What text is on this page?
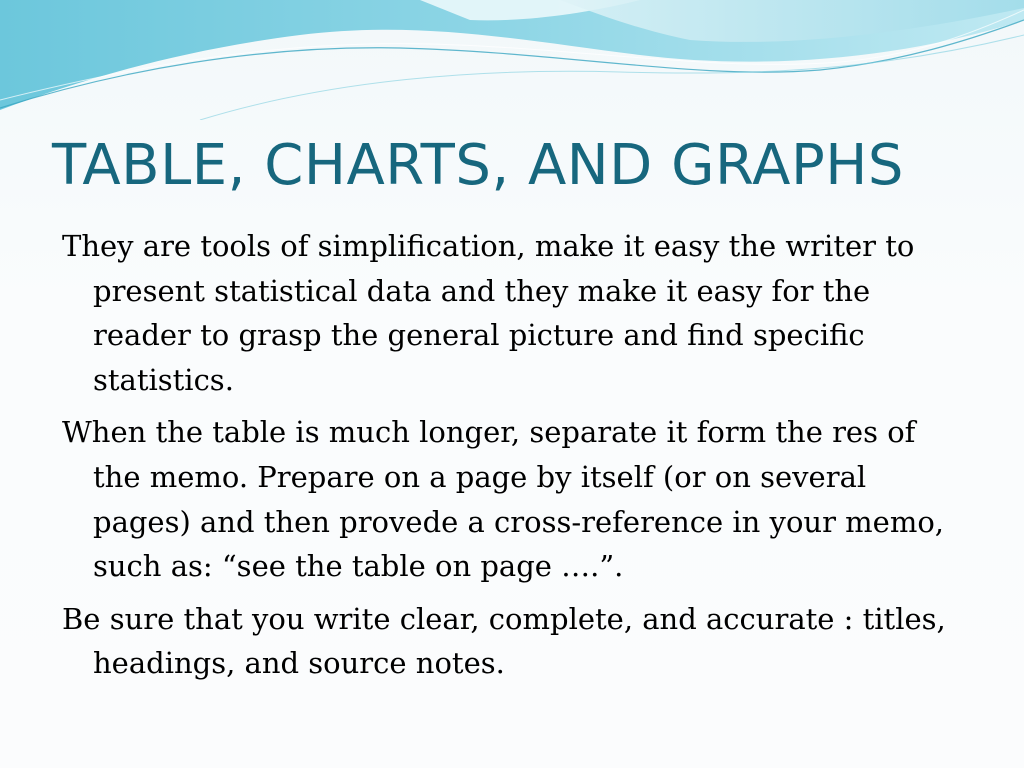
TABLE, CHARTS, AND GRAPHS
They are tools of simplification, make it easy the writer to present statistical data and they make it easy for the reader to grasp the general picture and find specific statistics.
When the table is much longer, separate it form the res of the memo. Prepare on a page by itself (or on several pages) and then provede a cross-reference in your memo, such as: “see the table on page ….”.
Be sure that you write clear, complete, and accurate : titles, headings, and source notes.
